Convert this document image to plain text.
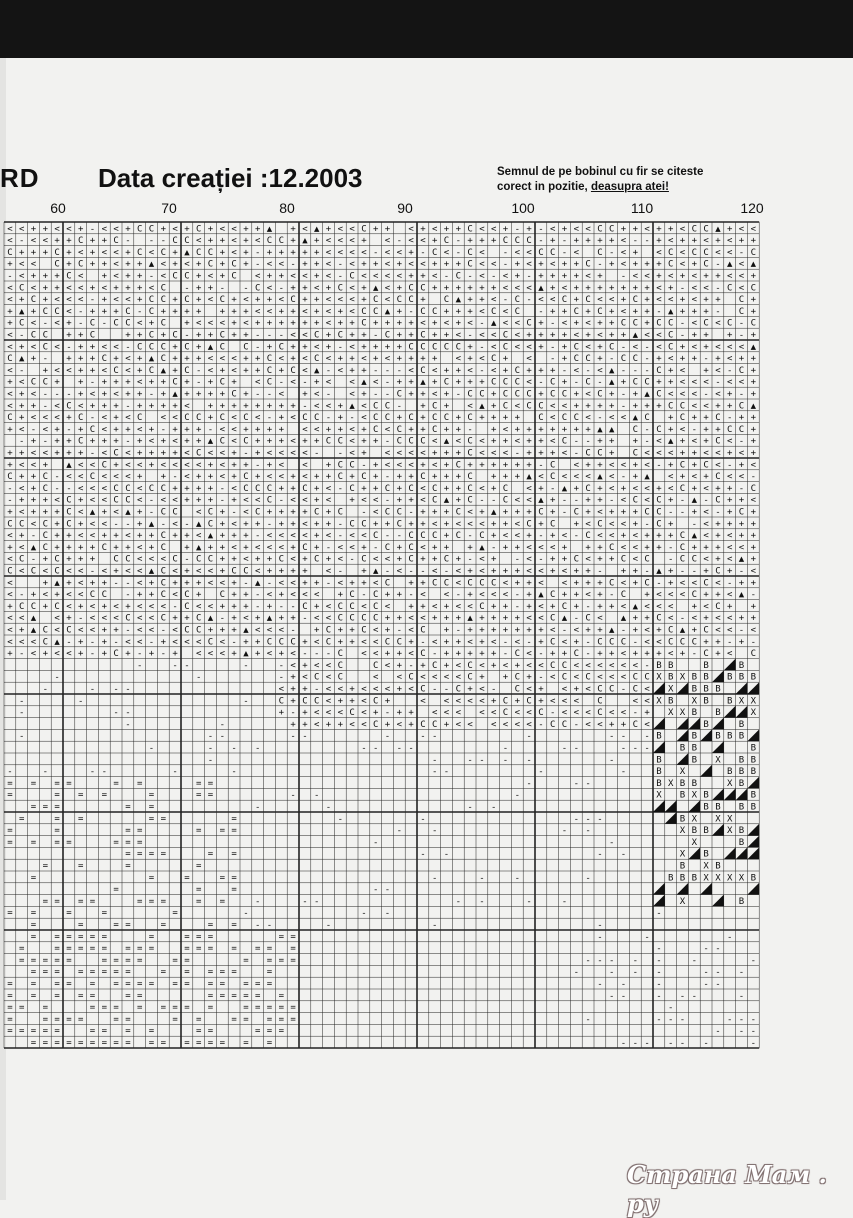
RD Data creației :12.2003	Semnul de pe bobinul cu fir se citeste
corect in pozitie, deasupra atei!
60	70	80	90	100	110	120
< < + + < < + - < < + C C + < + C + < < + + ▲ + < ▲ + < < C + + < + < + + C < < + - + - < + < < C C + + < + + < C C ▲ + < <
< - < < + + C + + C - - - C C < + + < + < C C + ▲ + < < < + < - < < + C - + + + C C C - + - + + + + < - - + < + + < + < + +
C + + + C + < + < < + C < C + ▲ C C + < + - + + + + + < < < < - < < + - C < - C < - < < C C - < C - < + < C < C C < < - C
+ < < C + C + + < + + ▲ < + < + C + C + - < < - + + < - < + + < + < < + + + C < < - + < + < + + C - + < + + + C < + C - ▲ < ▲
- < + + + C < + < + + - < C C + < + C < + + < < + < - C < < < < + + < - C - < - < + - + + + + < + - < < + < + < + + < < +
< C < + + < < + < + + + < C - + + - - C < - + + < + C < + ▲ < + C C + + + + + + < < < ▲ + < + + + + + + + < + - < < - C < C
< + C + < < < - + < < + C C + C + < C + < + + < C + + < < < + C < C C + C ▲ + + < - C - < < C + C < < + C + < < + < + + C +
+ ▲ + C C < - + + + C - C + + + + + + + < < + + < + < + < C C ▲ + - C C + + + < C < C - + + C + C + < + + - ▲ + + + - C +
+ C < - < + - C - C C < + C + < < < + < + + + + + + < + + C + + + + < + < + < - ▲ < < C + - < + < + + C C + C C - < C < C - C
< - C C + + C	+ + C + C - + + C + + - - - < < C + C + + - C + + C + + < - < < C < + + + + < + < + + ▲ < < C - + + + - +
< + < C < - + + < < - C C C + C + ▲ C C - + C + + < + - < + + + + C C C C C + - < C < < + - + C < + C - < - < C + < + < < < ▲
C ▲ + - + + + C + < + ▲ C + + + < < < + + C < + < C < + + < + < + + + + < + < C + < - + C C + - C C - + < + + - + < + +
< - + < < + + < C < + C ▲ + C - < + < + + C + C < ▲ - < + + - - - < C < + + < - < + C + + + - < - < ▲ - - - C + < + < - C +
+ < C C + + - + + + < + + C + - + C + < C - < - + < < ▲ < - + + ▲ + C + + + C C C < - C + - C - ▲ + C C + + < < < - < < +
< + < - - - + < + < + + - + ▲ + + + + C + - - < + < - < + - - C + + < + - C C + C C C + C C + < C + - + ▲ C < < < - < + - +
< + + - < C < + + + - + + + + < + + + + + + + + - < < + ▲ < C C - + C + < ▲ + C < C C < < + + + + - + + + C C < < + + C ▲
C + < < < + C - < + < C < < C C + C < C < - + < C C - + - < C C + C + C C + C + + + + C < C C < - < < ▲ C + C + + C - + +
+ < - < + - + C < + + < + - + + + - < < + + + + < < + + < + C < C + + C + + - + < + + + + + + + ▲ ▲ C - C + < - + + C C +
- + - + + C + + + - + < + < + + ▲ C < C + + + < + + C C < + + - C C C < ▲ < C < + + < + + < C - - + + + - < ▲ + < + C < - +
+ + < < + + + - < C < + + + + < C < < + - + < < < < - - < + < < < < + + + C < < < - + + + < - C C + C < < < + + < < + < +
+ < < + ▲ < < C + < < + < < < < + < + + - + < < + C C - + < < < + < + C + + + + + + - C < + + < < + < - + C + C < - + <
C + + C - < < C < < < + + - < + + < + C + < < + < + + C + C + - + + C + + + C + + + ▲ < C < < < ▲ < - + ▲ < + < + C < < -
- < + C - - < < < C C < C C + + + + - < C C C + + C + < - C + + C + C < C + + C < + C < + - ▲ + C + < + < < + < C + < + + - C
- + + + < C + < < C C < - < < + + + - + < < C - < < + < + < < - + + < C ▲ + C - - C < < ▲ + - - + + - < C < C + - ▲ - C + + <
+ < + + + C < ▲ + < ▲ + - C C < C + - < C + + + + C + C - < C C - + + + C < + ▲ + + + C + - C + < + + + C C - - + < - + C +
C C < C + C + < < - - + ▲ - < - ▲ C + < + + - + + < + + - C C + + C + + < + < < < + + < C + C + < C < < + - C + - < + + + +
< + - C + + < < + + < + + C + + < ▲ + + + - < < < < + < - < < C - - C C C + C - C + < < + - + < - C < < + < + + + C ▲ < + < + +
+ < ▲ C + + + + C + + < + C + ▲ + + < + < < < + C + - < < + - C + C < + + + ▲ - + + < < < + + + C < < + + - C + + + < < +
< C - + C + + + C C < < < C - C C + + < + + C < + C + < - C < < + C + + C + - < + - < - + + C < + + C < C - C C < + < ▲ +
C < C < C < < - < + < < ▲ C < + < < + C C < + + + + < - + ▲ - < - - < - < + < + + + < < + < + + - + + - ▲ + - - + C + - <
<	+ ▲ + < + + - - < + C + + + < < + - ▲ - < < + + - < + + < C + + C C < C C C < + + < < + + + C < + C - + < < C < - + +
< - + < + < < C C - + + C < C + C + + - < + < < < + C - C + + - < < - + < < < - + ▲ C + + < + - C + < < < C + + < ▲ -
+ C C + C < + < + < + < < < - C < < + + + - + - - C + < C C < C < + + < + < < C + + - + < + C + - + + < ▲ < < < + < C + +
< < ▲ < + - < < < C < < C + + C ▲ - + < + ▲ + + - < < C C C C + + < < + + + ▲ + + + + < < C ▲ - C < ▲ + + C < - < + < < + +
< + ▲ C < C < < + + - < < - < C C + + + ▲ < < < - + C + + C < + - < C + - + + + + + + + < - < + + ▲ - + < + C ▲ + C < < - <
< < < C ▲ - + - + - < < - + < < < C < - + + C C C + < C + + < < C C + - < + + < + < - < - + C < + - C C C - < < C C C + + - + -
+ - < + < < + - + C + - + - + < < < + ▲ + < + < - - - C < < + + < C - + + + + + - C < - + + C - + + < + + + < + - C + < C
-	- -	-	- < + < < C	C < + - + C + < C < + < + < < C C < < < < < < - B B	B	B
-	-	- + < C < C	< < C < < < < C + + C + - < C < C < < < C C X B X B B B B B
-	- - -	< + + - < < + < < < + < C - - C + < - C < + < + < C C - C < X B B B
-	-	-	C + C C < + + < C +	< < < < < + C + C + < < < C	< < X B X B B X X
-	- -	+ - + < < < C < + - + + < < < < < C < < C - < < < C < < - + X X B B	X
-	-	+ + < + + < < C + < + C C + < < < < < < - C C - < < + + C <	B	B
-	- -	- -	-	- -	-	- - - B	B B B B
-	- - -	- - - -	-	- -	- - -	B B	B
-	-	- - - -	-	B	B X B B
-	-	- -	-	-	- -	-	-	B X	B B B
= = = =	= =	= =	-	- -	B X B B	X B
=	= = =	=	= =	- -	-	X B X B	B
= = =	= =	-	-	- -	B B B B
=	= =	= =	=	-	-	- - -	B X X X
=	=	= =	= = =	-	-	- -	X B B X B
= = = =	= = =	-	-	X	B
= = = =	= =	- -	- -	X B
=	=	=	=	B X B
=	=	=	= =	-	-	-	-	B B B X X X X B
=	=	=	- -
= = = =	= = =	= =	-	- -	- -	-	-	X	B
= =	=	=	=	-	- -	-
=	=	= =	=	= = - -	-	-	-
= = = = = =	=	= = =	= =	-	-	-
=	= = = = = = = =	= = = = = = =	-	- -
= = = = =	= = = =	= =	= = = =	- - - - -	-	-
= = = = = = = =	= = = = =	=	-	- - -	- - -
= = = = = = = = = = = = = = = =	- -	-	- -
= = = = =	= =	= = = = = =	- -	- - -	-
= = =	= = = = = = = =	= = = = =	-
=	= = = =	= =	= =	= = = = =	-	- - -	- - -
= = = = =	= = = =	= =	= = =	- - -
= = = = = = = = = = = = = = = = =	- - - - - -	-
Страна Мам . ру
